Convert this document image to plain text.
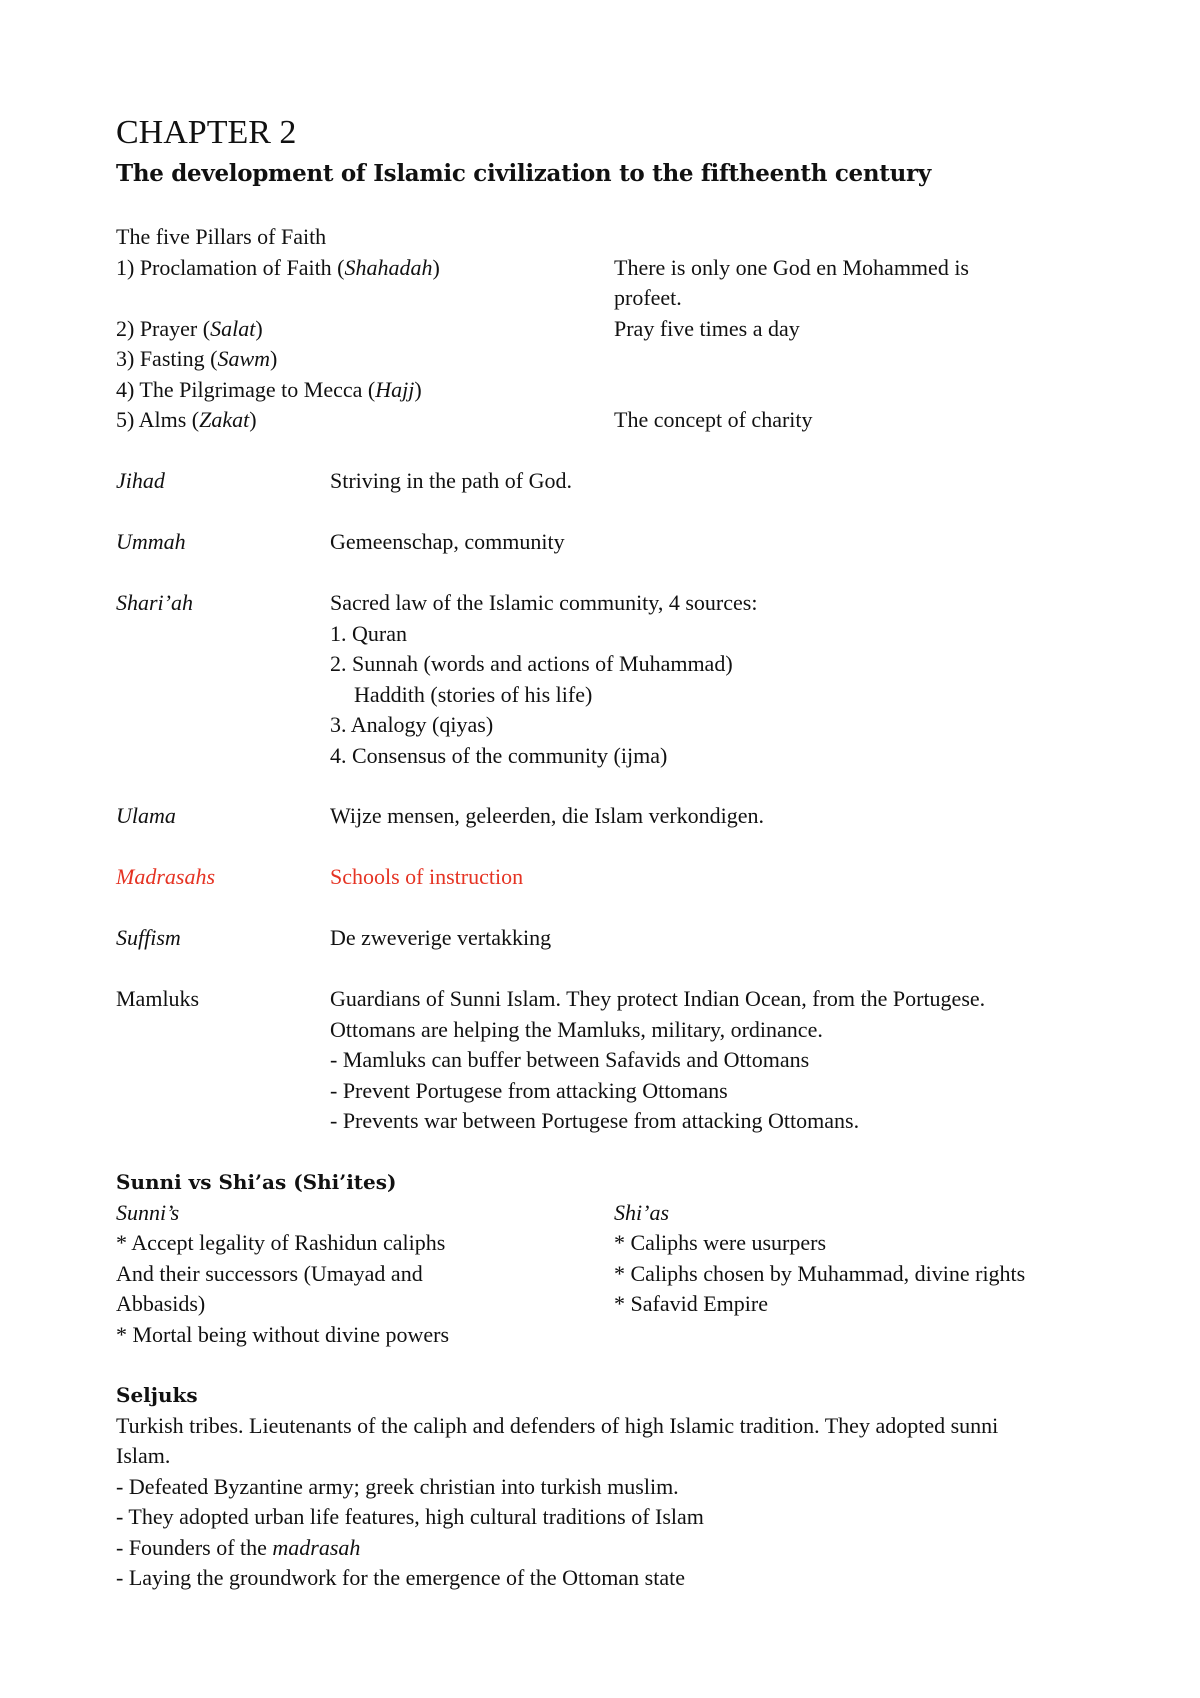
CHAPTER 2
The development of Islamic civilization to the fiftheenth century
The five Pillars of Faith
1) Proclamation of Faith (Shahadah)	There is only one God en Mohammed is
profeet.
2) Prayer (Salat)	Pray five times a day
3) Fasting (Sawm)
4) The Pilgrimage to Mecca (Hajj)
5) Alms (Zakat)	The concept of charity
Jihad	Striving in the path of God.
Ummah	Gemeenschap, community
Shari’ah	Sacred law of the Islamic community, 4 sources:
1. Quran
2. Sunnah (words and actions of Muhammad)
Haddith (stories of his life)
3. Analogy (qiyas)
4. Consensus of the community (ijma)
Ulama	Wijze mensen, geleerden, die Islam verkondigen.
Madrasahs	Schools of instruction
Suffism	De zweverige vertakking
Mamluks	Guardians of Sunni Islam. They protect Indian Ocean, from the Portugese.
Ottomans are helping the Mamluks, military, ordinance.
- Mamluks can buffer between Safavids and Ottomans
- Prevent Portugese from attacking Ottomans
- Prevents war between Portugese from attacking Ottomans.
Sunni vs Shi’as (Shi’ites)
Sunni’s
* Accept legality of Rashidun caliphs
And their successors (Umayad and
Abbasids)
* Mortal being without divine powers
Shi’as
* Caliphs were usurpers
* Caliphs chosen by Muhammad, divine rights
* Safavid Empire
Seljuks
Turkish tribes. Lieutenants of the caliph and defenders of high Islamic tradition. They adopted sunni
Islam.
- Defeated Byzantine army; greek christian into turkish muslim.
- They adopted urban life features, high cultural traditions of Islam
- Founders of the madrasah
- Laying the groundwork for the emergence of the Ottoman state
